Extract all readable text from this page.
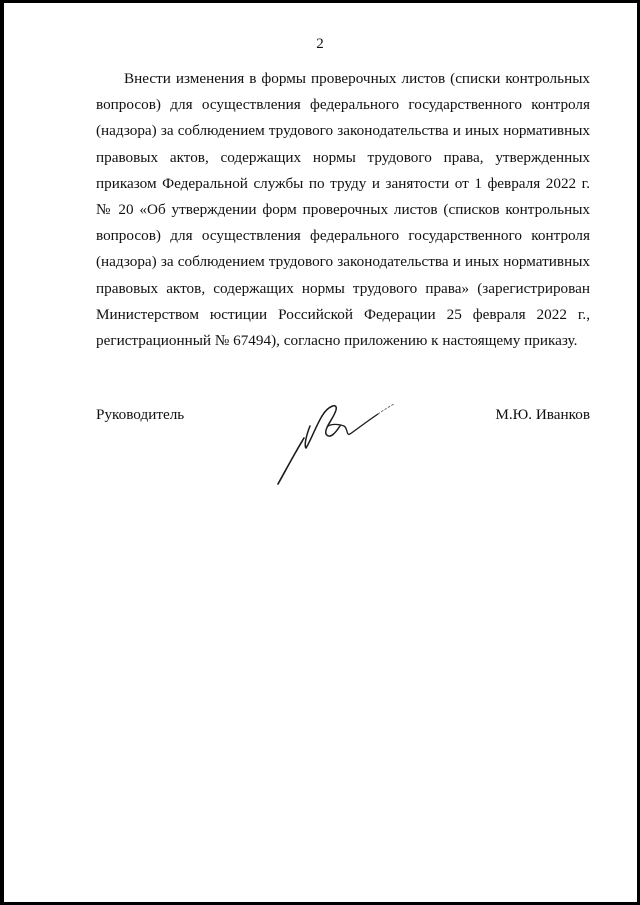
2
Внести изменения в формы проверочных листов (списки контрольных
вопросов) для осуществления федерального государственного контроля
(надзора) за соблюдением трудового законодательства и иных нормативных
правовых актов, содержащих нормы трудового права, утвержденных
приказом Федеральной службы по труду и занятости от 1 февраля 2022 г.
№ 20 «Об утверждении форм проверочных листов (списков контрольных
вопросов) для осуществления федерального государственного контроля
(надзора) за соблюдением трудового законодательства и иных нормативных
правовых актов, содержащих нормы трудового права» (зарегистрирован
Министерством юстиции Российской Федерации 25 февраля 2022 г.,
регистрационный № 67494), согласно приложению к настоящему приказу.
Руководитель	М.Ю. Иванков
